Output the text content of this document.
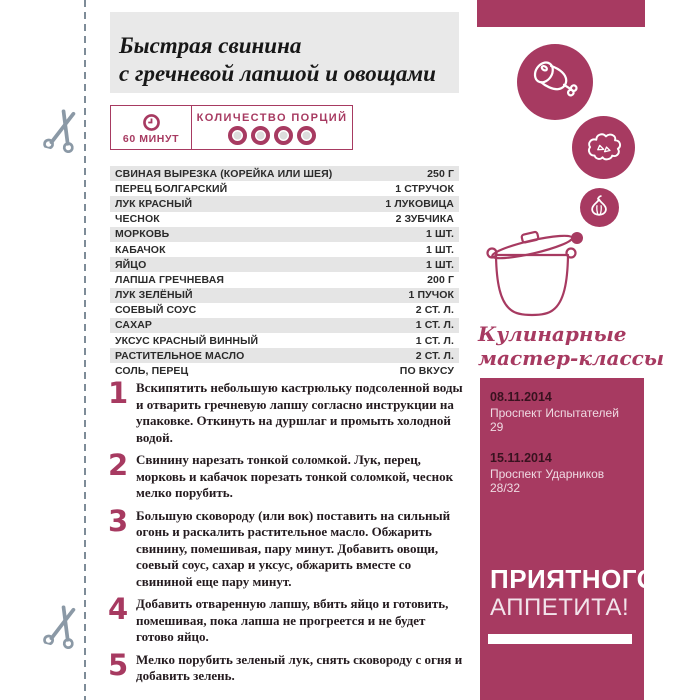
Быстрая свинина
с гречневой лапшой и овощами
60 МИНУТ
КОЛИЧЕСТВО ПОРЦИЙ
СВИНАЯ ВЫРЕЗКА (КОРЕЙКА ИЛИ ШЕЯ)	250 Г
ПЕРЕЦ БОЛГАРСКИЙ	1 СТРУЧОК
ЛУК КРАСНЫЙ	1 ЛУКОВИЦА
ЧЕСНОК	2 ЗУБЧИКА
МОРКОВЬ	1 ШТ.
КАБАЧОК	1 ШТ.
ЯЙЦО	1 ШТ.
ЛАПША ГРЕЧНЕВАЯ	200 Г
ЛУК ЗЕЛЁНЫЙ	1 ПУЧОК
СОЕВЫЙ СОУС	2 СТ. Л.
САХАР	1 СТ. Л.
УКСУС КРАСНЫЙ ВИННЫЙ	1 СТ. Л.
РАСТИТЕЛЬНОЕ МАСЛО	2 СТ. Л.
СОЛЬ, ПЕРЕЦ	ПО ВКУСУ
1 Вскипятить небольшую кастрюльку подсоленной воды и отварить гречневую лапшу согласно инструкции на упаковке. Откинуть на дуршлаг и промыть холодной водой.
2 Свинину нарезать тонкой соломкой. Лук, перец, морковь и кабачок порезать тонкой соломкой, чеснок мелко порубить.
3 Большую сковороду (или вок) поставить на сильный огонь и раскалить растительное масло. Обжарить свинину, помешивая, пару минут. Добавить овощи, соевый соус, сахар и уксус, обжарить вместе со свининой еще пару минут.
4 Добавить отваренную лапшу, вбить яйцо и готовить, помешивая, пока лапша не прогреется и не будет готово яйцо.
5 Мелко порубить зеленый лук, снять сковороду с огня и добавить зелень.
Кулинарные
мастер-классы
08.11.2014
Проспект Испытателей 29
15.11.2014
Проспект Ударников 28/32
ПРИЯТНОГО
АППЕТИТА!
